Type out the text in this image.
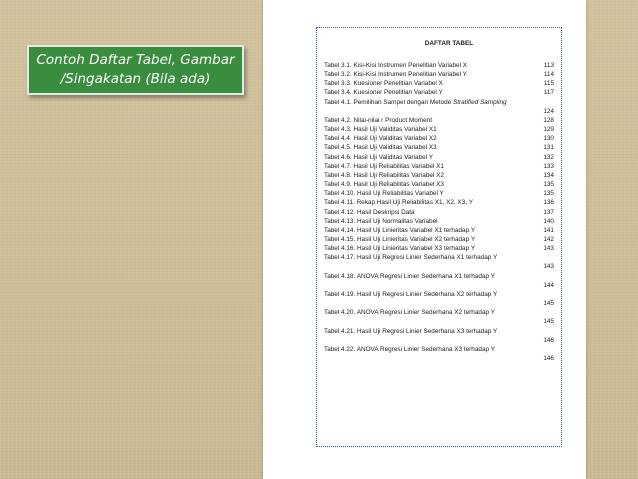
Contoh Daftar Tabel, Gambar /Singakatan (Bila ada)
DAFTAR TABEL
Tabel 3.1. Kisi-Kisi Instrumen Penelitian Variabel X	113
Tabel 3.2. Kisi-Kisi Instrumen Penelitian Variabel Y	114
Tabel 3.3. Kuesioner Penelitian Variabel X	115
Tabel 3.4. Kuesioner Penelitian Variabel Y	117
Tabel 4.1. Pemilihan Sampel dengan Metode Stratified Sampling
124
Tabel 4.2. Nilai-nilai r Product Moment	128
Tabel 4.3. Hasil Uji Validitas Variabel X1	129
Tabel 4.4. Hasil Uji Validitas Variabel X2	130
Tabel 4.5. Hasil Uji Validitas Variabel X3	131
Tabel 4.6. Hasil Uji Validitas Variabel Y	132
Tabel 4.7. Hasil Uji Reliabilitas Variabel X1	133
Tabel 4.8. Hasil Uji Reliabilitas Variabel X2	134
Tabel 4.9. Hasil Uji Reliabilitas Variabel X3	135
Tabel 4.10. Hasil Uji Reliabilitas Variabel Y	135
Tabel 4.11. Rekap Hasil Uji Reliabilitas X1, X2, X3, Y	136
Tabel 4.12. Hasil Deskripsi Data	137
Tabel 4.13. Hasil Uji Normalitas Variabel	140
Tabel 4.14. Hasil Uji Linieritas Variabel X1 terhadap Y	141
Tabel 4.15. Hasil Uji Linieritas Variabel X2 terhadap Y	142
Tabel 4.16. Hasil Uji Linieritas Variabel X3 terhadap Y	143
Tabel 4.17. Hasil Uji Regresi Linier Sederhana X1 terhadap Y
143
Tabel 4.18. ANOVA Regresi Linier Sederhana X1 terhadap Y
144
Tabel 4.19. Hasil Uji Regresi Linier Sederhana X2 terhadap Y
145
Tabel 4.20. ANOVA Regresi Linier Sederhana X2 terhadap Y
145
Tabel 4.21. Hasil Uji Regresi Linier Sederhana X3 terhadap Y
146
Tabel 4.22. ANOVA Regresi Linier Sederhana X3 terhadap Y
146
